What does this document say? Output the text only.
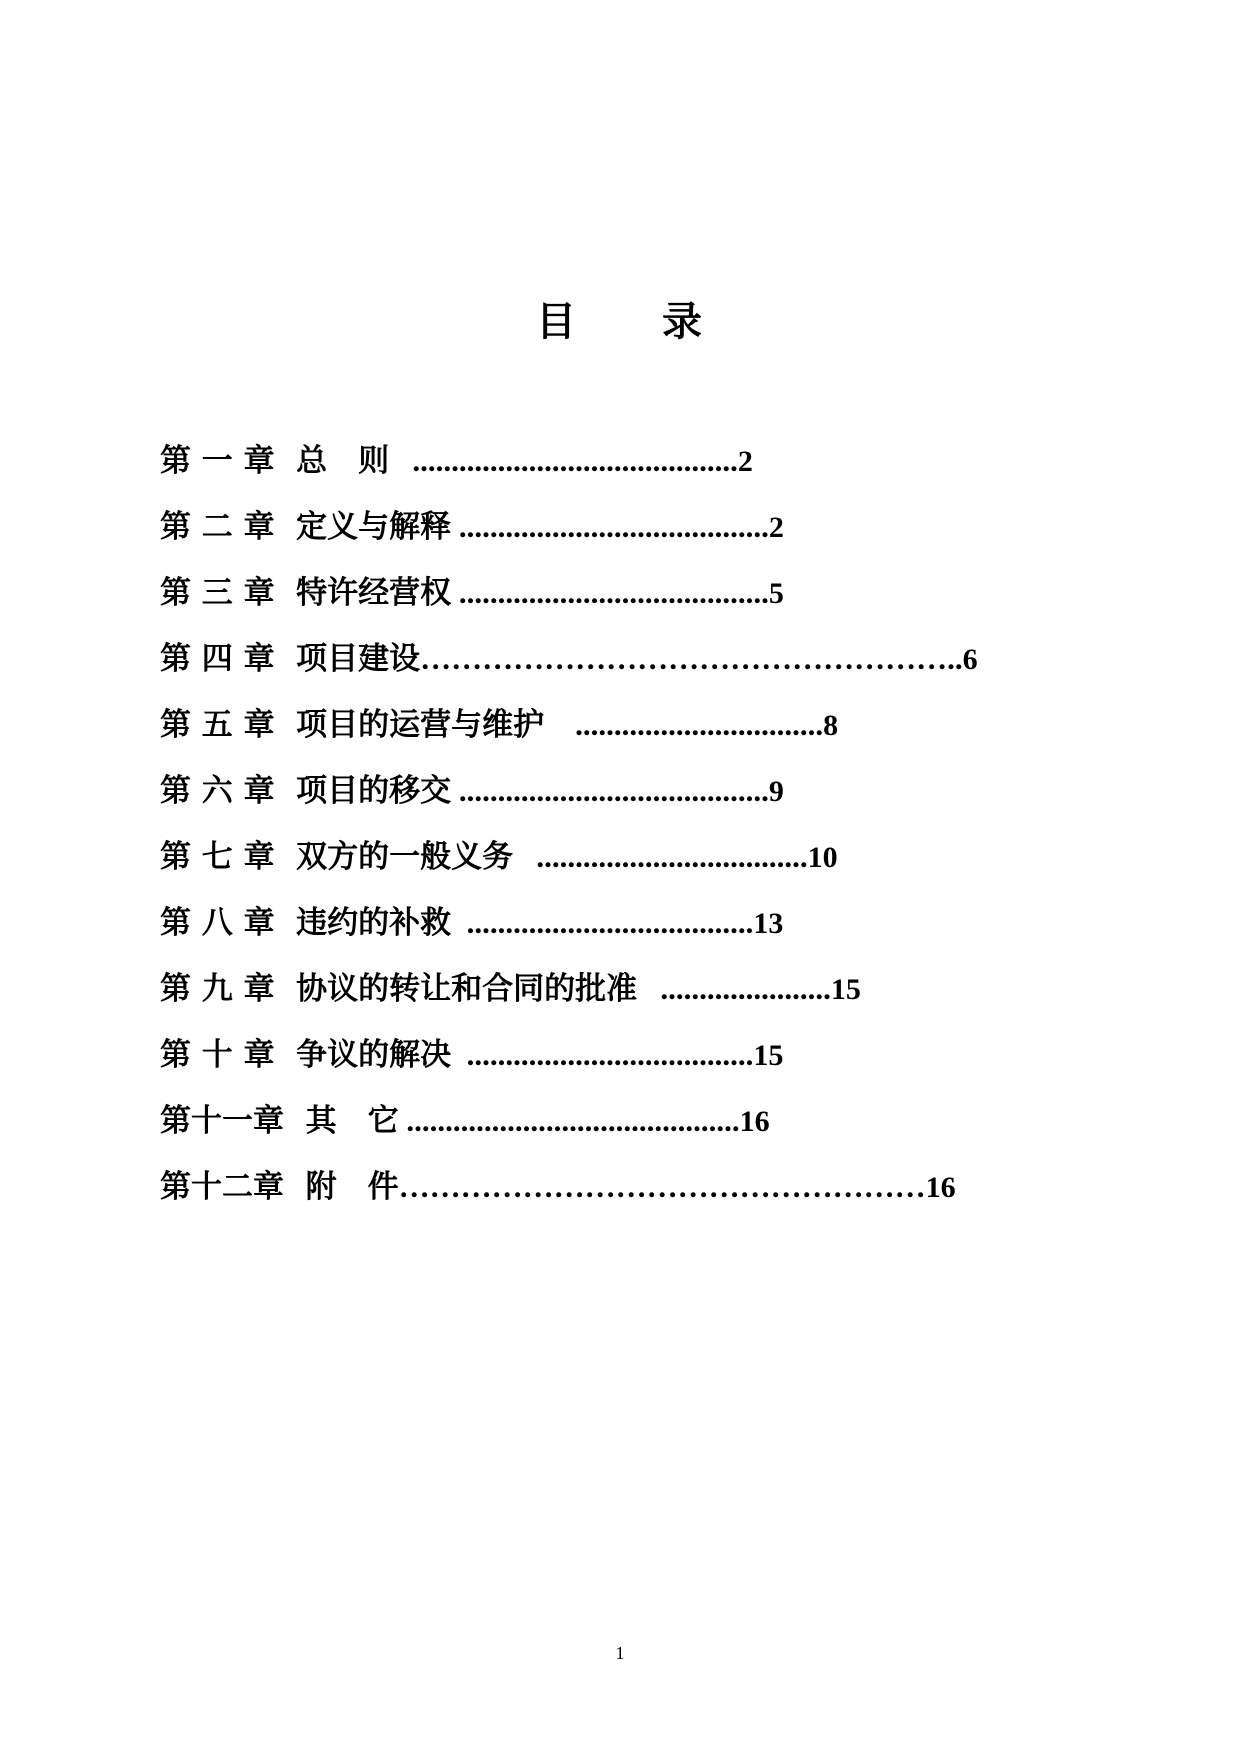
目　　录
第 一 章  总　则   ..........................................2
第 二 章  定义与解释 ........................................2
第 三 章  特许经营权 ........................................5
第 四 章  项目建设……………………………………………..6
第 五 章  项目的运营与维护    ................................8
第 六 章  项目的移交 ........................................9
第 七 章  双方的一般义务   ...................................10
第 八 章  违约的补救  .....................................13
第 九 章  协议的转让和合同的批准   ......................15
第 十 章  争议的解决  .....................................15
第十一章  其　它 ...........................................16
第十二章  附　件……………………………………………16
1
